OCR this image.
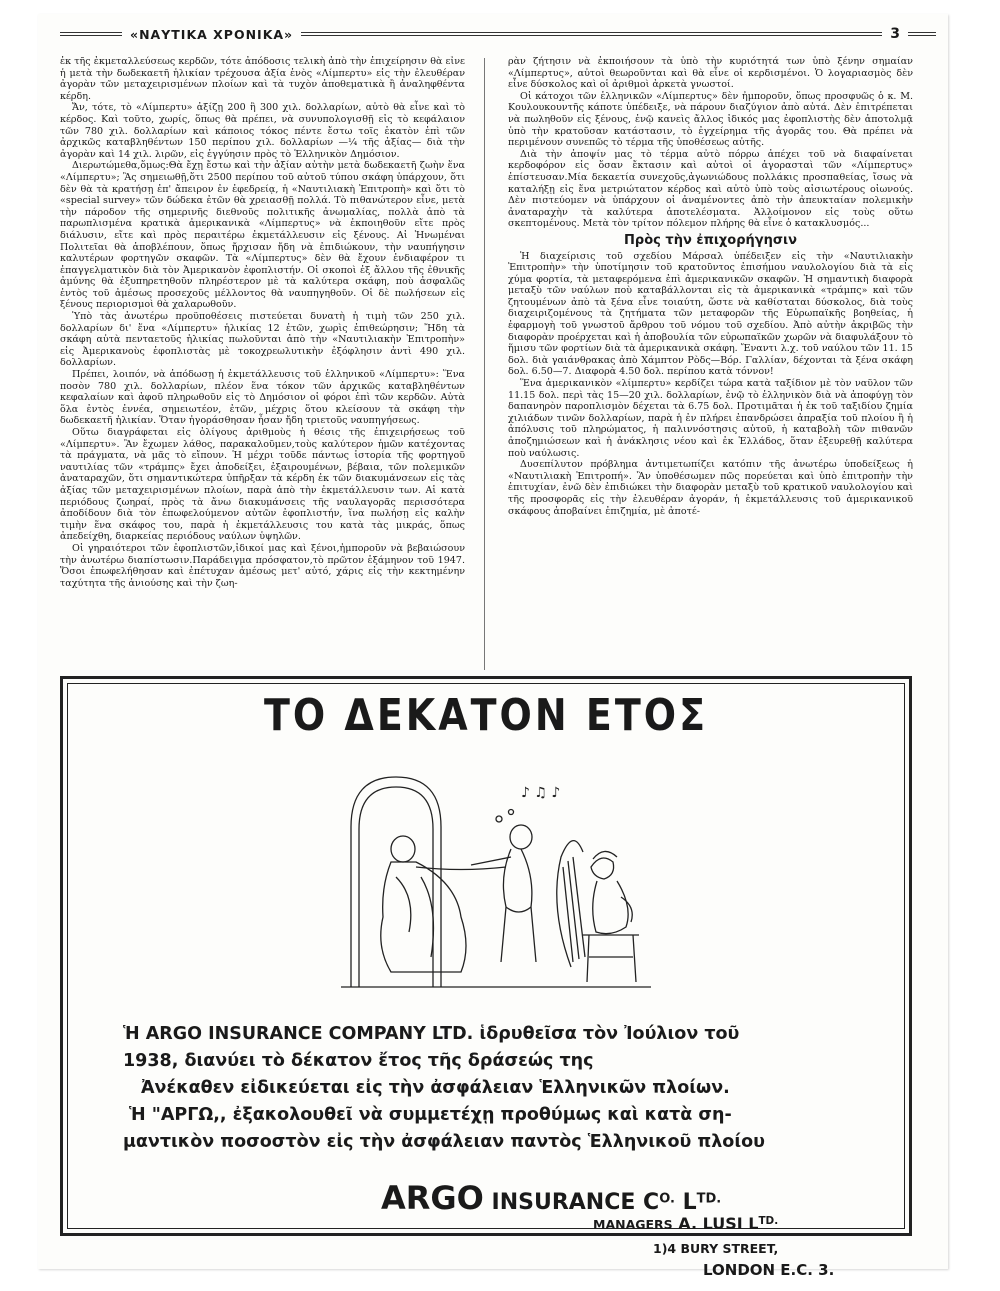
«ΝΑΥΤΙΚΑ ΧΡΟΝΙΚΑ»	3

ἐκ τῆς ἐκμεταλλεύσεως κερδῶν, τότε ἀπόδοσις τελικὴ ἀπὸ τὴν ἐπιχείρησιν θὰ εἶνε ἡ μετὰ τὴν δωδεκαετῆ ἡλικίαν τρέχουσα ἀξία ἑνὸς «Λίμπερτυ» εἰς τὴν ἐλευθέραν ἀγορὰν τῶν μεταχειρισμένων πλοίων καὶ τὰ τυχὸν ἀποθεματικὰ ἢ ἀναληφθέντα κέρδη.

Ἄν, τότε, τὸ «Λίμπερτυ» ἀξίζῃ 200 ἢ 300 χιλ. δολλαρίων, αὐτὸ θὰ εἶνε καὶ τὸ κέρδος. Καὶ τοῦτο, χωρίς, ὅπως θὰ πρέπει, νὰ συνυπολογισθῇ εἰς τὸ κεφάλαιον τῶν 780 χιλ. δολλαρίων καὶ κάποιος τόκος πέντε ἔστω τοῖς ἑκατὸν ἐπὶ τῶν ἀρχικῶς καταβληθέντων 150 περίπου χιλ. δολλαρίων —¼ τῆς ἀξίας— διὰ τὴν ἀγορὰν καὶ 14 χιλ. λιρῶν, εἰς ἐγγύησιν πρὸς τὸ Ἑλληνικὸν Δημόσιον.

Διερωτώμεθα,ὅμως:Θὰ ἔχῃ ἔστω καὶ τὴν ἀξίαν αὐτὴν μετὰ δωδεκαετῆ ζωὴν ἕνα «Λίμπερτυ»; Ἂς σημειωθῇ,ὅτι 2500 περίπου τοῦ αὐτοῦ τύπου σκάφη ὑπάρχουν, ὅτι δὲν θὰ τὰ κρατήσῃ ἐπ' ἄπειρον ἐν ἐφεδρείᾳ, ἡ «Ναυτιλιακὴ Ἐπιτροπὴ» καὶ ὅτι τὸ «special survey» τῶν δώδεκα ἐτῶν θὰ χρειασθῇ πολλά. Τὸ πιθανώτερον εἶνε, μετὰ τὴν πάροδον τῆς σημερινῆς διεθνοῦς πολιτικῆς ἀνωμαλίας, πολλὰ ἀπὸ τὰ παρωπλισμένα κρατικὰ ἀμερικανικὰ «Λίμπερτυς» νὰ ἐκποιηθοῦν εἴτε πρὸς διάλυσιν, εἴτε καὶ πρὸς περαιτέρω ἐκμετάλλευσιν εἰς ξένους. Αἱ Ἡνωμέναι Πολιτεῖαι θὰ ἀποβλέπουν, ὅπως ἤρχισαν ἤδη νὰ ἐπιδιώκουν, τὴν ναυπήγησιν καλυτέρων φορτηγῶν σκαφῶν. Τὰ «Λίμπερτυς» δὲν θὰ ἔχουν ἐνδιαφέρον τι ἐπαγγελματικὸν διὰ τὸν Ἀμερικανὸν ἐφοπλιστήν. Οἱ σκοποὶ ἐξ ἄλλου τῆς ἐθνικῆς ἀμύνης θὰ ἐξυπηρετηθοῦν πληρέστερον μὲ τὰ καλύτερα σκάφη, ποὺ ἀσφαλῶς ἐντὸς τοῦ ἀμέσως προσεχοῦς μέλλοντος θὰ ναυπηγηθοῦν. Οἱ δὲ πωλήσεων εἰς ξένους περιορισμοὶ θὰ χαλαρωθοῦν.

Ὑπὸ τὰς ἀνωτέρω προϋποθέσεις πιστεύεται δυνατὴ ἡ τιμὴ τῶν 250 χιλ. δολλαρίων δι' ἕνα «Λίμπερτυ» ἡλικίας 12 ἐτῶν, χωρὶς ἐπιθεώρησιν; Ἤδη τὰ σκάφη αὐτὰ πενταετοῦς ἡλικίας πωλοῦνται ἀπὸ τὴν «Ναυτιλιακὴν Ἐπιτροπὴν» εἰς Ἀμερικανοὺς ἐφοπλιστὰς μὲ τοκοχρεωλυτικὴν ἐξόφλησιν ἀντὶ 490 χιλ. δολλαρίων.

Πρέπει, λοιπόν, νὰ ἀπόδωσῃ ἡ ἐκμετάλλευσις τοῦ ἑλληνικοῦ «Λίμπερτυ»: Ἕνα ποσὸν 780 χιλ. δολλαρίων, πλέον ἕνα τόκον τῶν ἀρχικῶς καταβληθέντων κεφαλαίων καὶ ἀφοῦ πληρωθοῦν εἰς τὸ Δημόσιον οἱ φόροι ἐπὶ τῶν κερδῶν. Αὐτὰ ὅλα ἐντὸς ἐννέα, σημειωτέον, ἐτῶν, μέχρις ὅτου κλείσουν τὰ σκάφη τὴν δωδεκαετῆ ἡλικίαν. Ὅταν ἠγοράσθησαν ἦσαν ἤδη τριετοῦς ναυπηγήσεως.

Οὕτω διαγράφεται εἰς ὀλίγους ἀριθμοὺς ἡ θέσις τῆς ἐπιχειρήσεως τοῦ «Λίμπερτυ». Ἂν ἔχωμεν λάθος, παρακαλοῦμεν,τοὺς καλύτερον ἡμῶν κατέχοντας τὰ πράγματα, νὰ μᾶς τὸ εἴπουν. Ἡ μέχρι τοῦδε πάντως ἱστορία τῆς φορτηγοῦ ναυτιλίας τῶν «τράμπς» ἔχει ἀποδείξει, ἐξαιρουμένων, βέβαια, τῶν πολεμικῶν ἀναταραχῶν, ὅτι σημαντικώτερα ὑπῆρξαν τὰ κέρδη ἐκ τῶν διακυμάνσεων εἰς τὰς ἀξίας τῶν μεταχειρισμένων πλοίων, παρὰ ἀπὸ τὴν ἐκμετάλλευσιν των. Αἱ κατὰ περιόδους ζωηραί, πρὸς τὰ ἄνω διακυμάνσεις τῆς ναυλαγορᾶς περισσότερα ἀποδίδουν διὰ τὸν ἐπωφελούμενον αὐτῶν ἐφοπλιστήν, ἵνα πωλήσῃ εἰς καλὴν τιμὴν ἕνα σκάφος του, παρὰ ἡ ἐκμετάλλευσις του κατὰ τὰς μικράς, ὅπως ἀπεδείχθη, διαρκείας περιόδους ναύλων ὑψηλῶν.

Οἱ γηραιότεροι τῶν ἐφοπλιστῶν,ἰδικοί μας καὶ ξένοι,ἠμποροῦν νὰ βεβαιώσουν τὴν ἀνωτέρω διαπίστωσιν.Παράδειγμα πρόσφατον,τὸ πρῶτον ἑξάμηνον τοῦ 1947. Ὅσοι ἐπωφελήθησαν καὶ ἐπέτυχαν ἀμέσως μετ' αὐτό, χάρις εἰς τὴν κεκτημένην ταχύτητα τῆς ἀνιούσης καὶ τὴν ζωη-

ρὰν ζήτησιν νὰ ἐκποιήσουν τὰ ὑπὸ τὴν κυριότητά των ὑπὸ ξένην σημαίαν «Λίμπερτυς», αὐτοὶ θεωροῦνται καὶ θὰ εἶνε οἱ κερδισμένοι. Ὁ λογαριασμὸς δὲν εἶνε δύσκολος καὶ οἱ ἀριθμοὶ ἀρκετὰ γνωστοί.

Οἱ κάτοχοι τῶν ἑλληνικῶν «Λίμπερτυς» δὲν ἠμποροῦν, ὅπως προσφυῶς ὁ κ. Μ. Κουλουκουντῆς κάποτε ὑπέδειξε, νὰ πάρουν διαζύγιον ἀπὸ αὐτά. Δὲν ἐπιτρέπεται νὰ πωληθοῦν εἰς ξένους, ἐνῷ κανεὶς ἄλλος ἰδικός μας ἐφοπλιστὴς δὲν ἀποτολμᾷ ὑπὸ τὴν κρατοῦσαν κατάστασιν, τὸ ἐγχείρημα τῆς ἀγορᾶς του. Θὰ πρέπει νὰ περιμένουν συνεπῶς τὸ τέρμα τῆς ὑποθέσεως αὐτῆς.

Διὰ τὴν ἀποψίν μας τὸ τέρμα αὐτὸ πόρρω ἀπέχει τοῦ νὰ διαφαίνεται κερδοφόρον εἰς ὅσαν ἔκτασιν καὶ αὐτοὶ οἱ ἀγορασταὶ τῶν «Λίμπερτυς» ἐπίστευσαν.Μία δεκαετία συνεχοῦς,ἀγωνιώδους πολλάκις προσπαθείας, ἴσως νὰ καταλήξῃ εἰς ἕνα μετριώτατον κέρδος καὶ αὐτὸ ὑπὸ τοὺς αἰσιωτέρους οἰωνούς. Δὲν πιστεύομεν νὰ ὑπάρχουν οἱ ἀναμένοντες ἀπὸ τὴν ἀπευκταίαν πολεμικὴν ἀναταραχὴν τὰ καλύτερα ἀποτελέσματα. Ἀλλοίμονον εἰς τοὺς οὕτω σκεπτομένους. Μετὰ τὸν τρίτον πόλεμον πλήρης θὰ εἶνε ὁ κατακλυσμός...

Πρὸς τὴν ἐπιχορήγησιν

Ἡ διαχείρισις τοῦ σχεδίου Μάρσαλ ὑπέδειξεν εἰς τὴν «Ναυτιλιακὴν Ἐπιτροπὴν» τὴν ὑποτίμησιν τοῦ κρατοῦντος ἐπισήμου ναυλολογίου διὰ τὰ εἰς χύμα φορτία, τὰ μεταφερόμενα ἐπὶ ἀμερικανικῶν σκαφῶν. Ἡ σημαντικὴ διαφορὰ μεταξὺ τῶν ναύλων ποὺ καταβάλλονται εἰς τὰ ἀμερικανικὰ «τράμπς» καὶ τῶν ζητουμένων ἀπὸ τὰ ξένα εἶνε τοιαύτη, ὥστε νὰ καθίσταται δύσκολος, διὰ τοὺς διαχειριζομένους τὰ ζητήματα τῶν μεταφορῶν τῆς Εὐρωπαϊκῆς βοηθείας, ἡ ἐφαρμογὴ τοῦ γνωστοῦ ἄρθρου τοῦ νόμου τοῦ σχεδίου. Ἀπὸ αὐτὴν ἀκριβῶς τὴν διαφορὰν προέρχεται καὶ ἡ ἀποβουλία τῶν εὐρωπαϊκῶν χωρῶν νὰ διαφυλάξουν τὸ ἥμισυ τῶν φορτίων διὰ τὰ ἀμερικανικὰ σκάφη. Ἔναντι λ.χ. τοῦ ναύλου τῶν 11. 15 δολ. διὰ γαιάνθρακας ἀπὸ Χάμπτον Ρὸδς—Βόρ. Γαλλίαν, δέχονται τὰ ξένα σκάφη δολ. 6.50—7. Διαφορὰ 4.50 δολ. περίπου κατὰ τόννον!

Ἕνα ἀμερικανικὸν «λίμπερτυ» κερδίζει τώρα κατὰ ταξίδιον μὲ τὸν ναῦλον τῶν 11.15 δολ. περὶ τὰς 15—20 χιλ. δολλαρίων, ἐνῷ τὸ ἑλληνικὸν διὰ νὰ ἀποφύγῃ τὸν δαπανηρὸν παροπλισμὸν δέχεται τὰ 6.75 δολ. Προτιμᾶται ἡ ἐκ τοῦ ταξιδίου ζημία χιλιάδων τινῶν δολλαρίων, παρὰ ἡ ἐν πλήρει ἐπανδρώσει ἀπραξία τοῦ πλοίου ἢ ἡ ἀπόλυσις τοῦ πληρώματος, ἡ παλιννόστησις αὐτοῦ, ἡ καταβολὴ τῶν πιθανῶν ἀποζημιώσεων καὶ ἡ ἀνάκλησις νέου καὶ ἐκ Ἑλλάδος, ὅταν ἐξευρεθῇ καλύτερα ποὺ ναύλωσις.

Δυσεπίλυτον πρόβλημα ἀντιμετωπίζει κατόπιν τῆς ἀνωτέρω ὑποδείξεως ἡ «Ναυτιλιακὴ Ἐπιτροπή». Ἂν ὑποθέσωμεν πῶς πορεύεται καὶ ὑπὸ ἐπιτροπὴν τὴν ἐπιτυχίαν, ἐνῶ δὲν ἐπιδιώκει τὴν διαφορὰν μεταξὺ τοῦ κρατικοῦ ναυλολογίου καὶ τῆς προσφορᾶς εἰς τὴν ἐλευθέραν ἀγοράν, ἡ ἐκμετάλλευσις τοῦ ἀμερικανικοῦ σκάφους ἀποβαίνει ἐπιζημία, μὲ ἀποτέ-

ΤΟ ΔΕΚΑΤΟΝ ΕΤΟΣ
♪ ♫ ♪
Ἡ ARGO INSURANCE COMPANY LTD. ἱδρυθεῖσα τὸν Ἰούλιον τοῦ
1938, διανύει τὸ δέκατον ἔτος τῆς δράσεώς της
Ἀνέκαθεν εἰδικεύεται εἰς τὴν ἀσφάλειαν Ἑλληνικῶν πλοίων.
Ἡ "ΑΡΓΩ,, ἐξακολουθεῖ νὰ συμμετέχῃ προθύμως καὶ κατὰ ση-
μαντικὸν ποσοστὸν εἰς τὴν ἀσφάλειαν παντὸς Ἑλληνικοῦ πλοίου
ARGO INSURANCE $C^{O.}$ $L^{TD.}$
MANAGERS A. LUSI $L^{TD.}$
1)4 BURY STREET,
LONDON E.C. 3.
